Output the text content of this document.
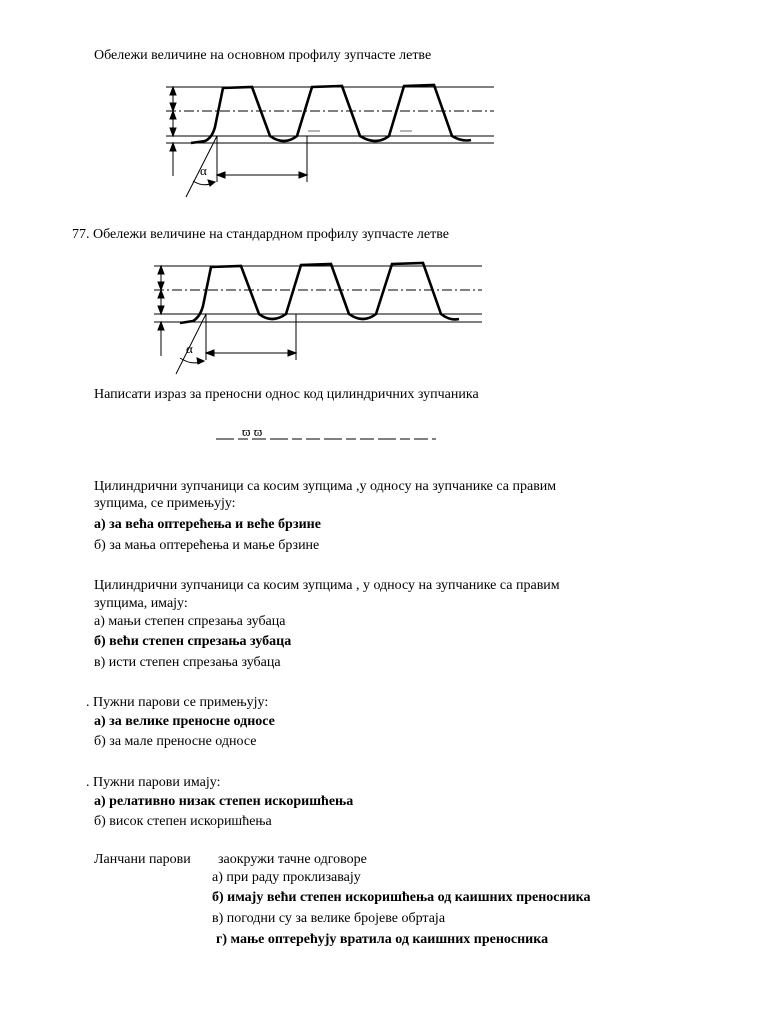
Обележи величине на основном профилу зупчасте летве
α
77. Обележи величине на стандардном профилу зупчасте летве
α
Написати израз за преносни однос код цилиндричних зупчаника
ϖ ϖ
Цилиндрични зупчаници са косим зупцима ,у односу на зупчанике са правим
зупцима, се примењују:
а) за већа оптерећења и веће брзине
б) за мања оптерећења и мање брзине
Цилиндрични зупчаници са косим зупцима , у односу на зупчанике са правим
зупцима, имају:
а) мањи степен спрезања зубаца
б) већи степен спрезања зубаца
в) исти степен спрезања зубаца
. Пужни парови се примењују:
а) за велике преносне односе
б) за мале преносне односе
. Пужни парови имају:
а) релативно низак степен искоришћења
б) висок степен искоришћења
Ланчани парови заокружи тачне одговоре
а) при раду проклизавају
б) имају већи степен искоришћења од каишних преносника
в) погодни су за велике бројеве обртаја
г) мање оптерећују вратила од каишних преносника
